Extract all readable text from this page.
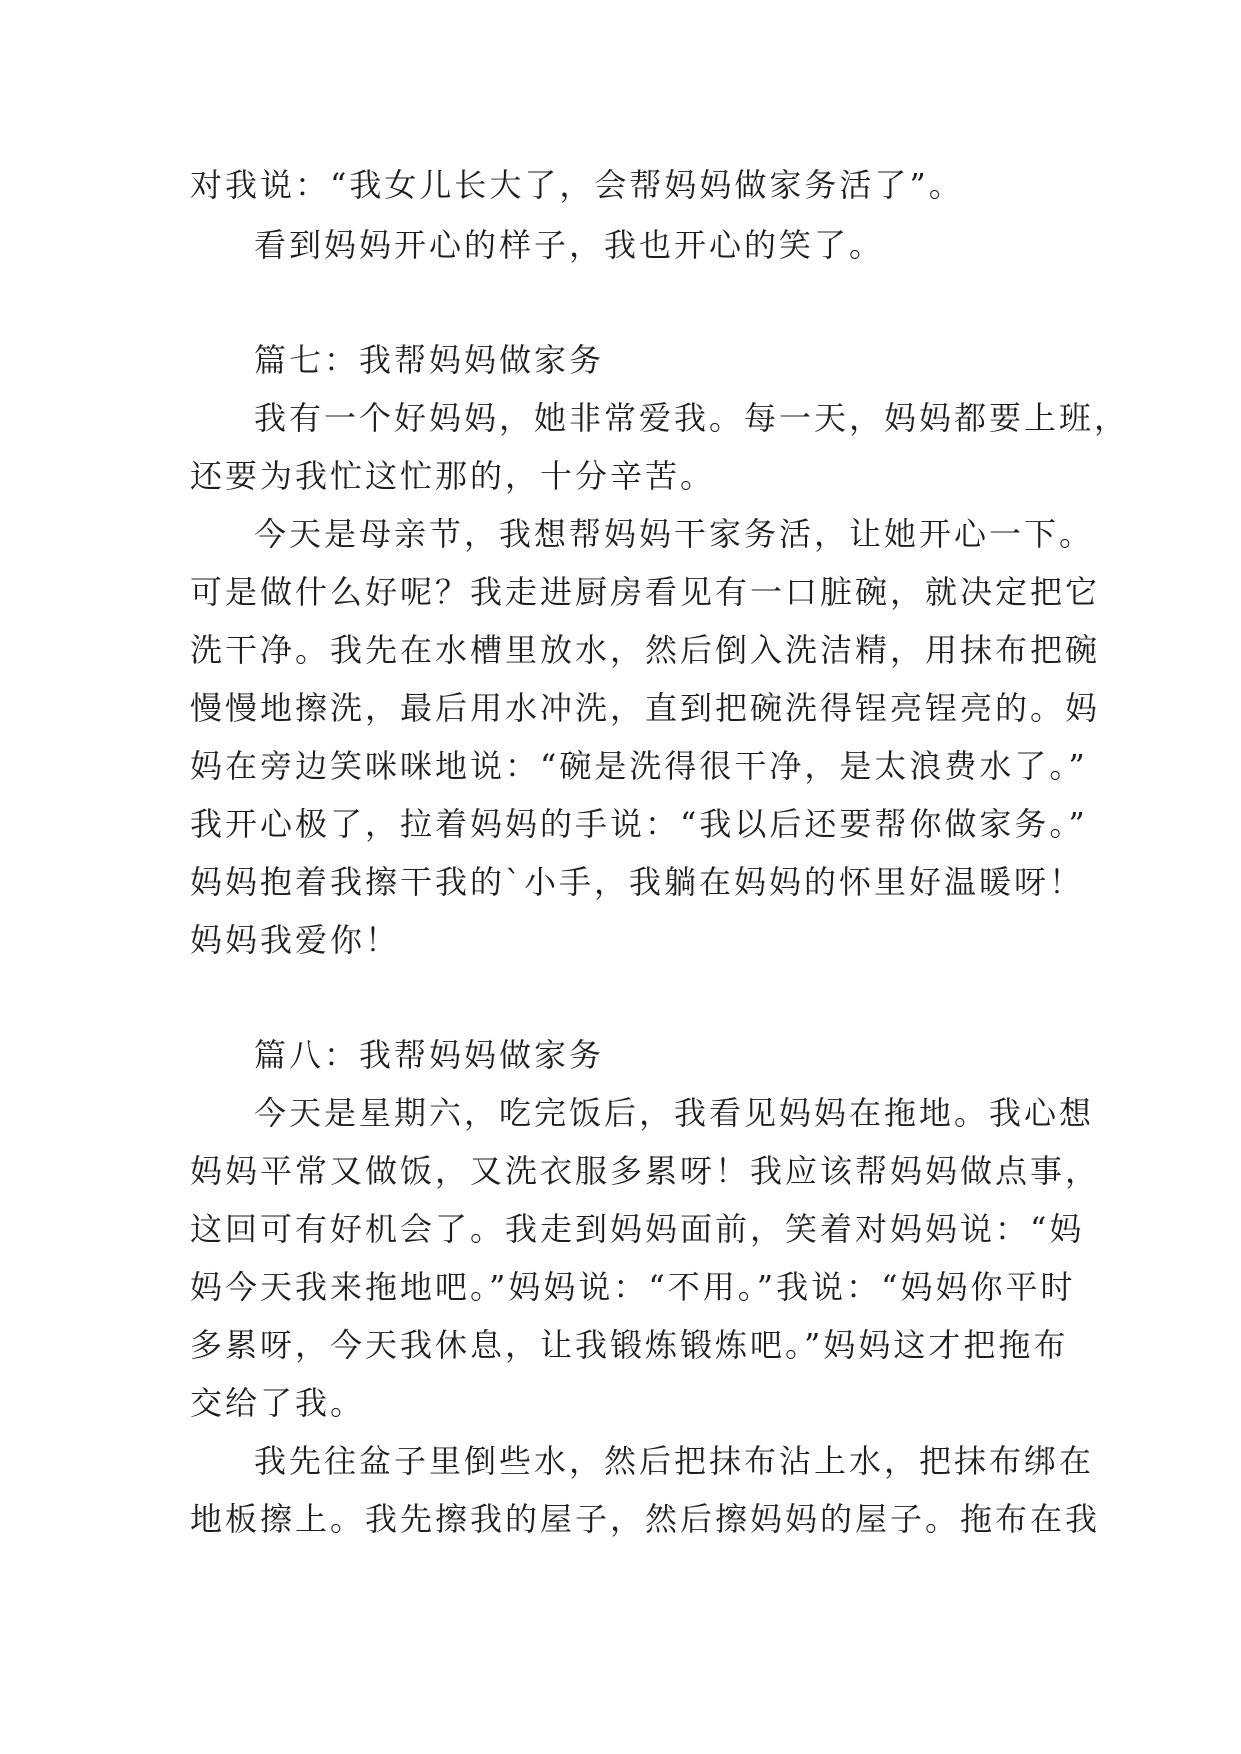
对我说：“我女儿长大了，会帮妈妈做家务活了”。
看到妈妈开心的样子，我也开心的笑了。
篇七：我帮妈妈做家务
我有一个好妈妈，她非常爱我。每一天，妈妈都要上班，
还要为我忙这忙那的，十分辛苦。
今天是母亲节，我想帮妈妈干家务活，让她开心一下。
可是做什么好呢？我走进厨房看见有一口脏碗，就决定把它
洗干净。我先在水槽里放水，然后倒入洗洁精，用抹布把碗
慢慢地擦洗，最后用水冲洗，直到把碗洗得锃亮锃亮的。妈
妈在旁边笑咪咪地说：“碗是洗得很干净，是太浪费水了。”
我开心极了，拉着妈妈的手说：“我以后还要帮你做家务。”
妈妈抱着我擦干我的`小手，我躺在妈妈的怀里好温暖呀！
妈妈我爱你！
篇八：我帮妈妈做家务
今天是星期六，吃完饭后，我看见妈妈在拖地。我心想
妈妈平常又做饭，又洗衣服多累呀！我应该帮妈妈做点事，
这回可有好机会了。我走到妈妈面前，笑着对妈妈说：“妈
妈今天我来拖地吧。”妈妈说：“不用。”我说：“妈妈你平时
多累呀，今天我休息，让我锻炼锻炼吧。”妈妈这才把拖布
交给了我。
我先往盆子里倒些水，然后把抹布沾上水，把抹布绑在
地板擦上。我先擦我的屋子，然后擦妈妈的屋子。拖布在我
